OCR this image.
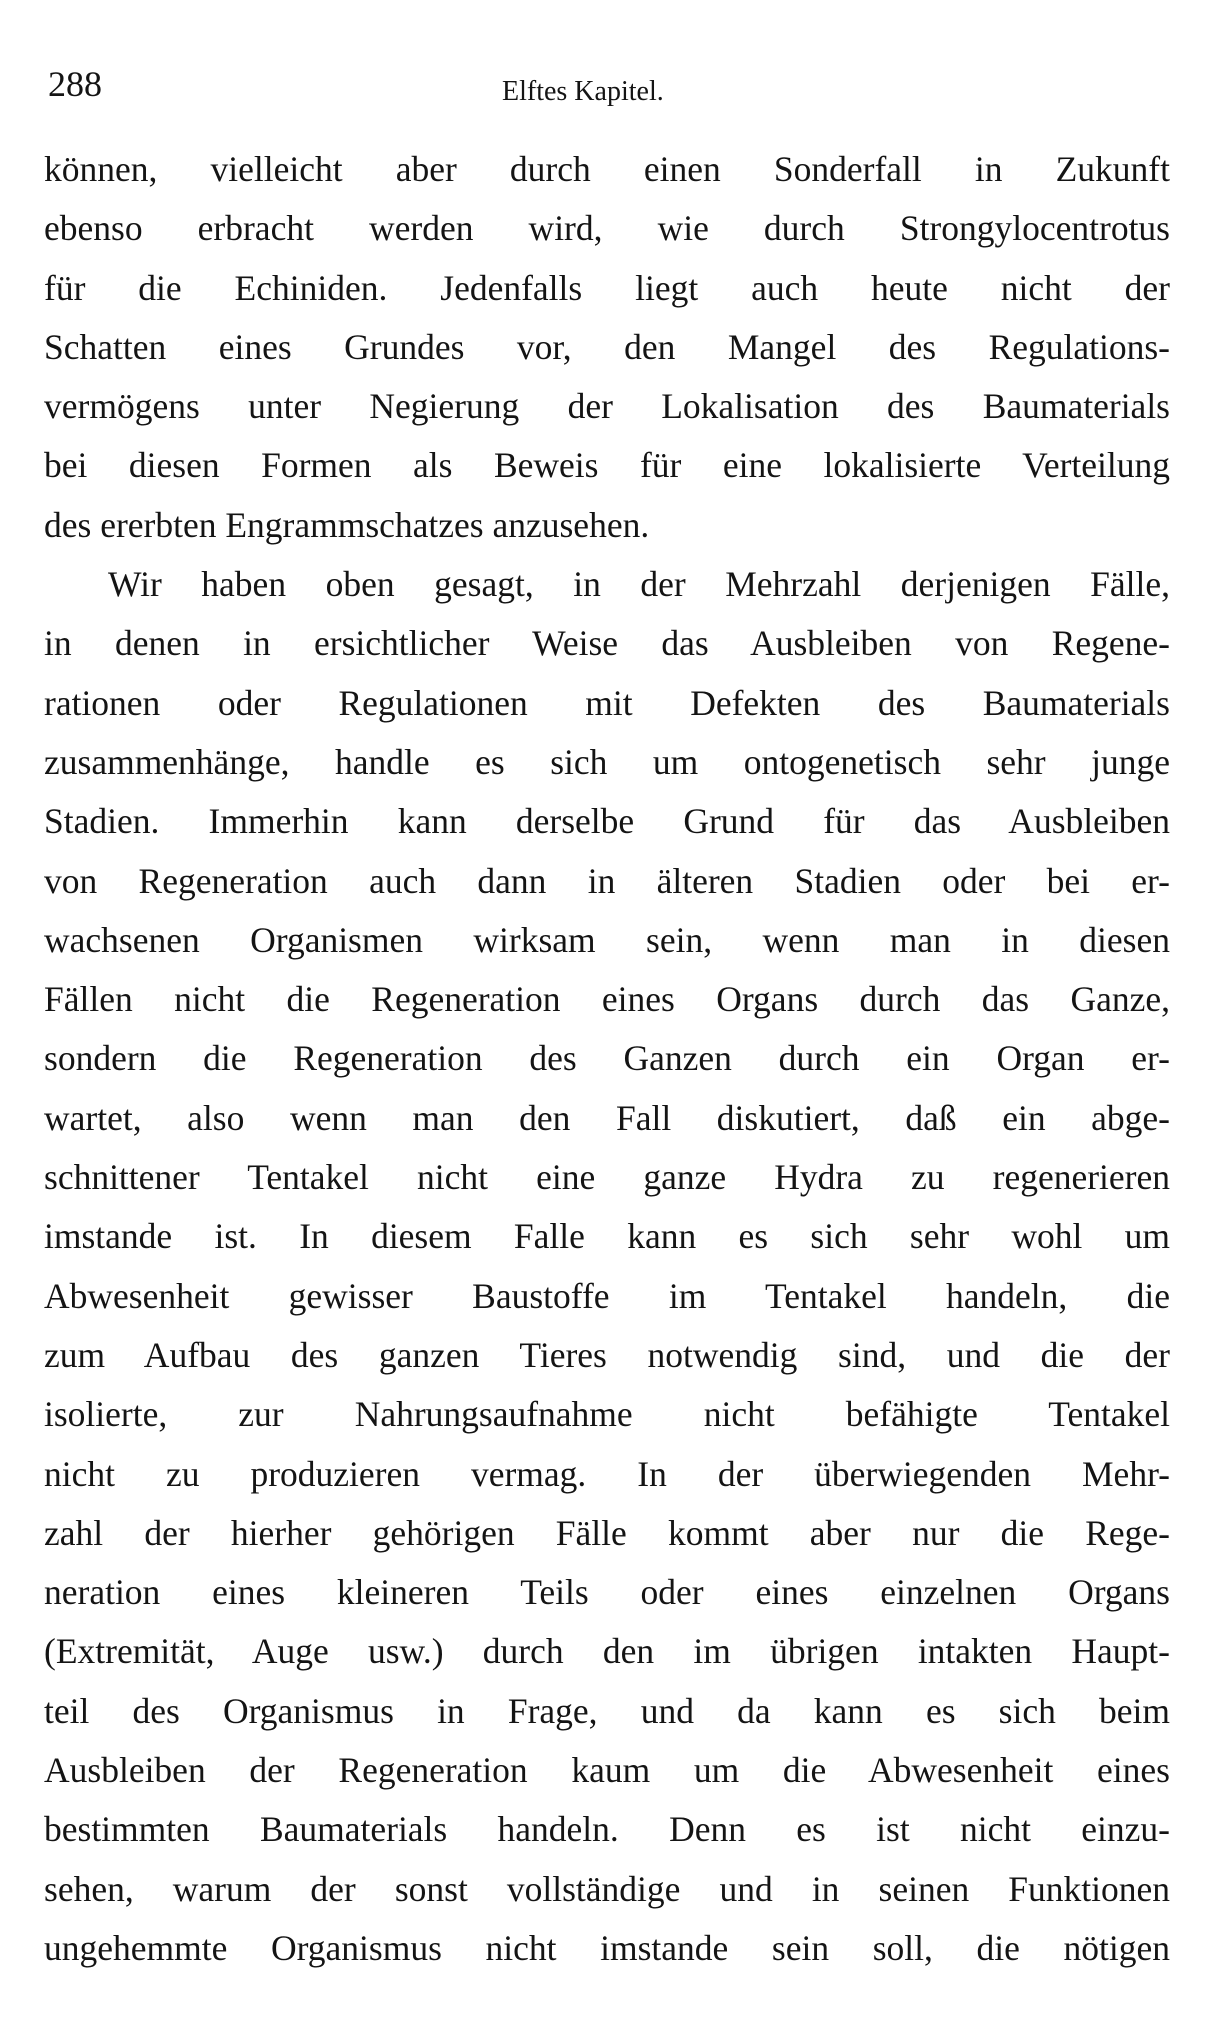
288	Elftes Kapitel.
können, vielleicht aber durch einen Sonderfall in Zukunft
ebenso erbracht werden wird, wie durch Strongylocentrotus
für die Echiniden. Jedenfalls liegt auch heute nicht der
Schatten eines Grundes vor, den Mangel des Regulations-
vermögens unter Negierung der Lokalisation des Baumaterials
bei diesen Formen als Beweis für eine lokalisierte Verteilung
des ererbten Engrammschatzes anzusehen.
Wir haben oben gesagt, in der Mehrzahl derjenigen Fälle,
in denen in ersichtlicher Weise das Ausbleiben von Regene-
rationen oder Regulationen mit Defekten des Baumaterials
zusammenhänge, handle es sich um ontogenetisch sehr junge
Stadien. Immerhin kann derselbe Grund für das Ausbleiben
von Regeneration auch dann in älteren Stadien oder bei er-
wachsenen Organismen wirksam sein, wenn man in diesen
Fällen nicht die Regeneration eines Organs durch das Ganze,
sondern die Regeneration des Ganzen durch ein Organ er-
wartet, also wenn man den Fall diskutiert, daß ein abge-
schnittener Tentakel nicht eine ganze Hydra zu regenerieren
imstande ist. In diesem Falle kann es sich sehr wohl um
Abwesenheit gewisser Baustoffe im Tentakel handeln, die
zum Aufbau des ganzen Tieres notwendig sind, und die der
isolierte, zur Nahrungsaufnahme nicht befähigte Tentakel
nicht zu produzieren vermag. In der überwiegenden Mehr-
zahl der hierher gehörigen Fälle kommt aber nur die Rege-
neration eines kleineren Teils oder eines einzelnen Organs
(Extremität, Auge usw.) durch den im übrigen intakten Haupt-
teil des Organismus in Frage, und da kann es sich beim
Ausbleiben der Regeneration kaum um die Abwesenheit eines
bestimmten Baumaterials handeln. Denn es ist nicht einzu-
sehen, warum der sonst vollständige und in seinen Funktionen
ungehemmte Organismus nicht imstande sein soll, die nötigen
